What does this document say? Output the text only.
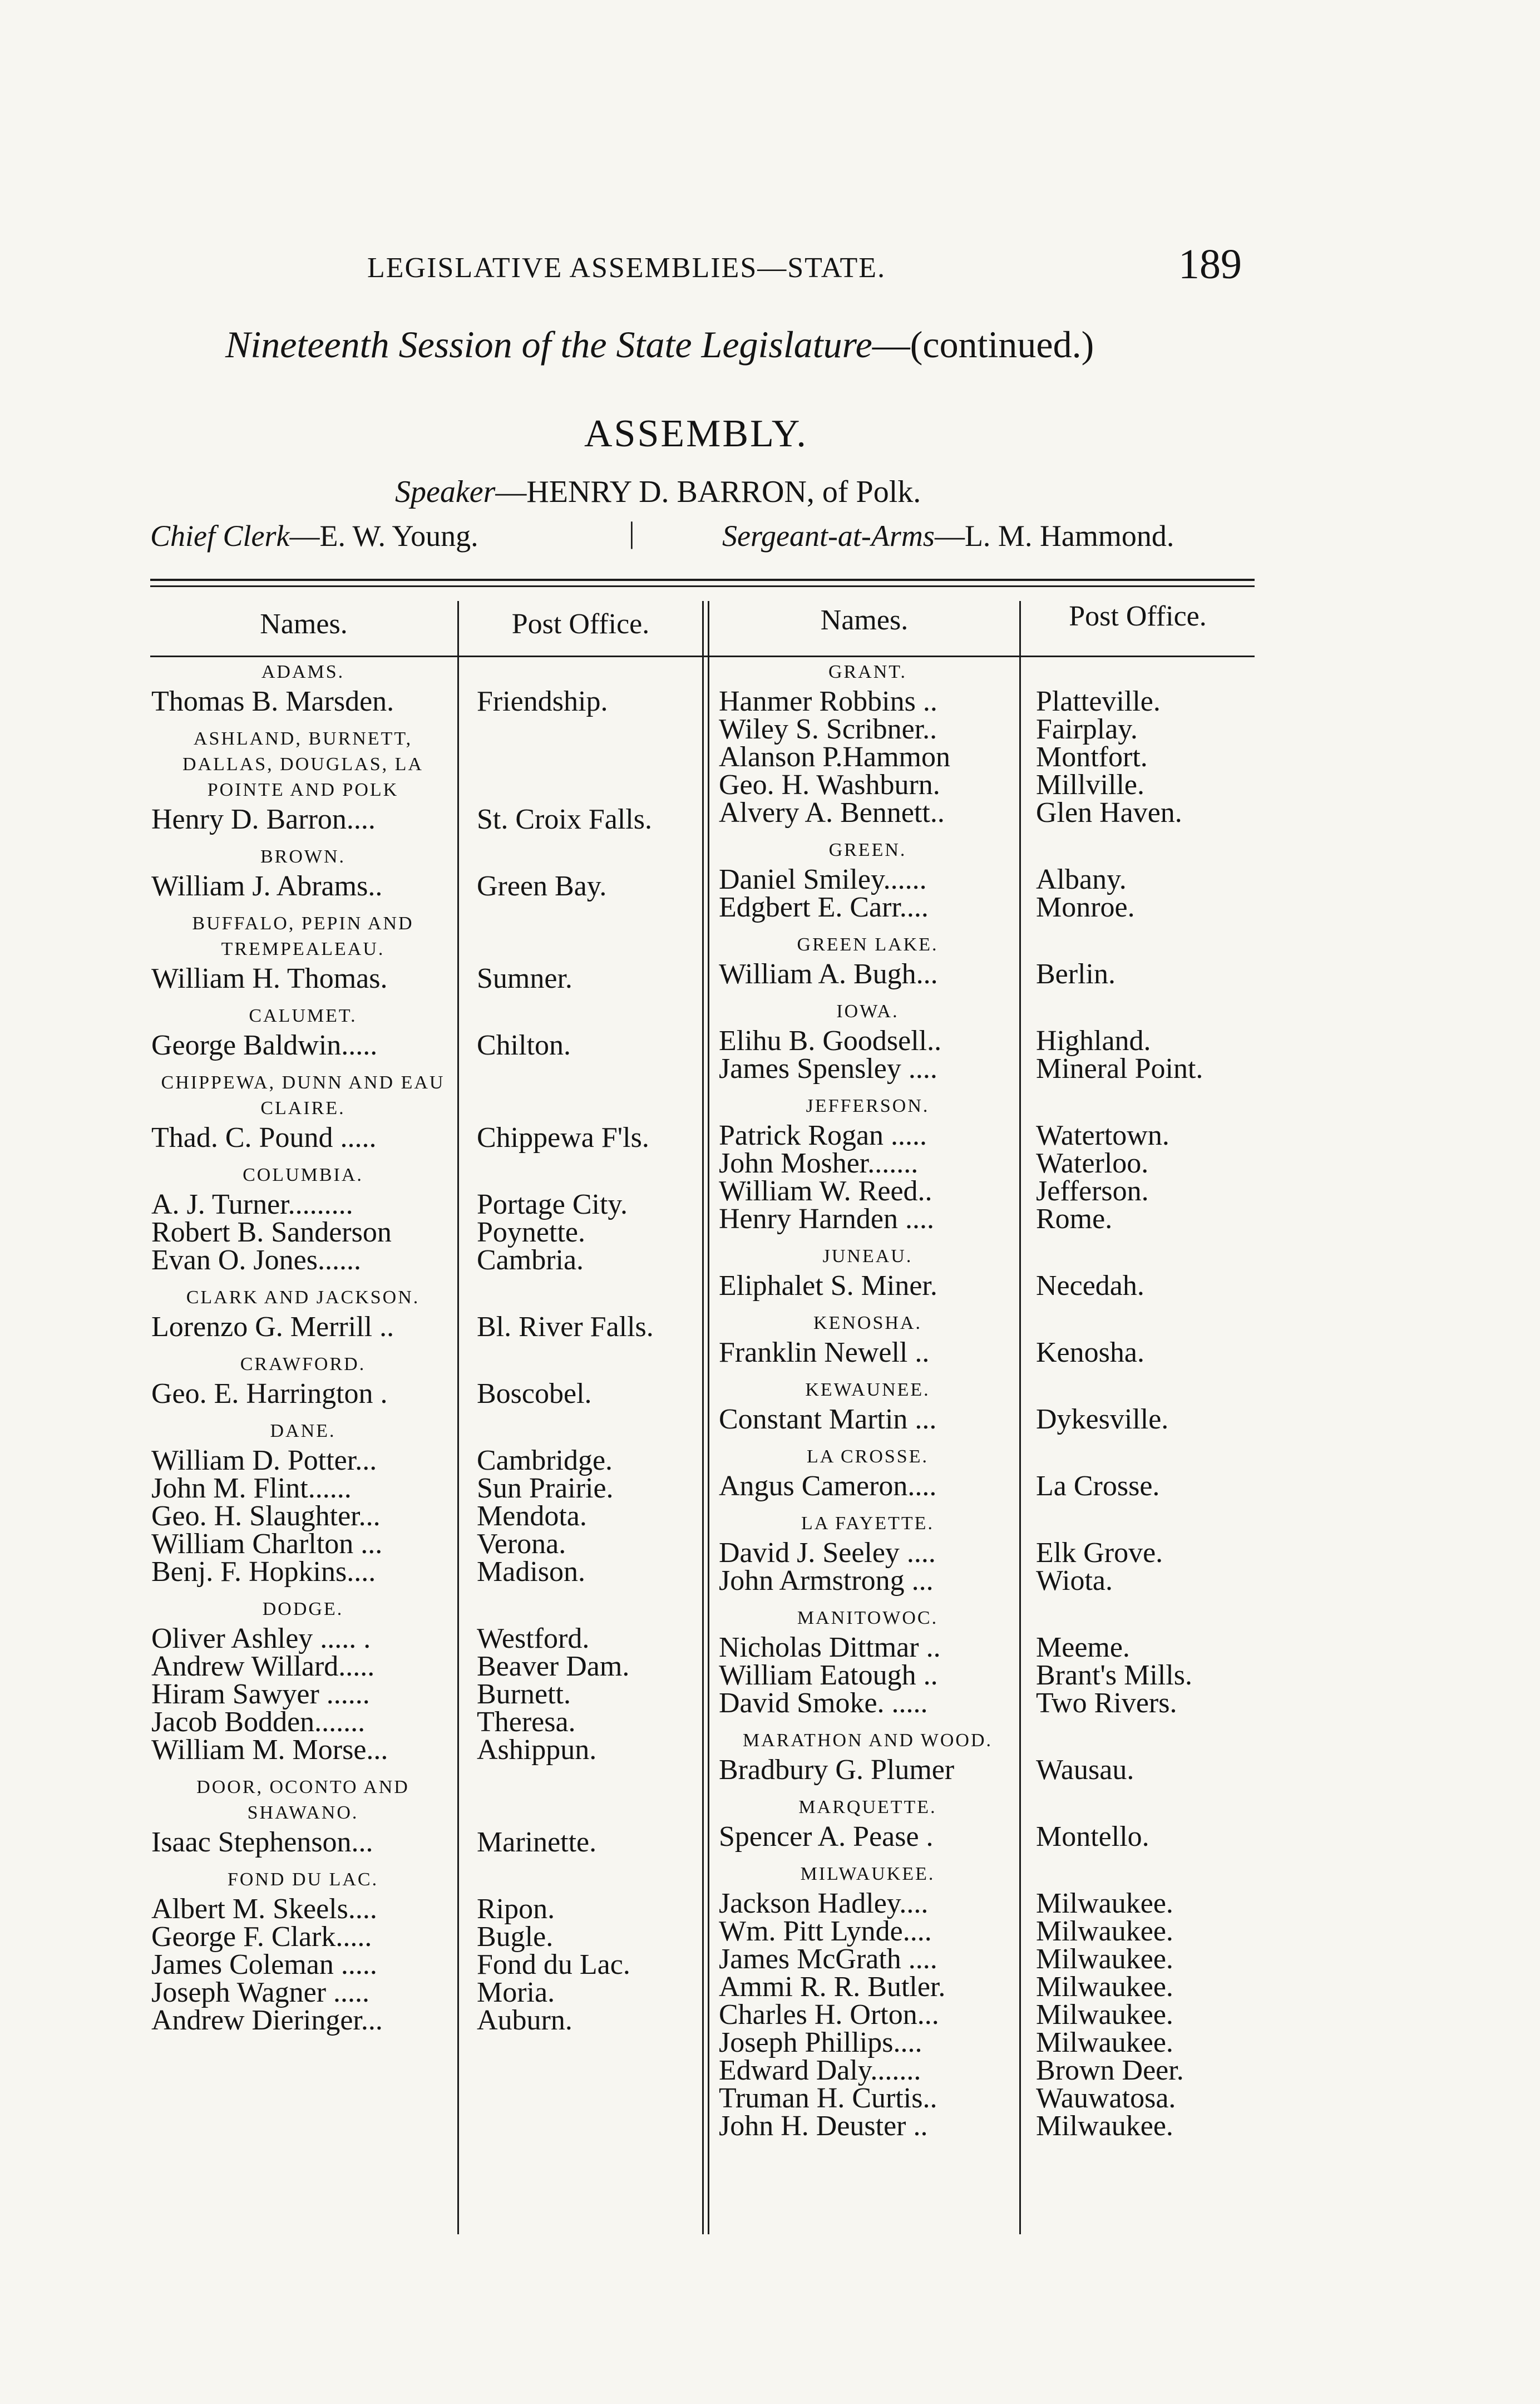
LEGISLATIVE ASSEMBLIES—STATE.	189
Nineteenth Session of the State Legislature—(continued.)
ASSEMBLY.
Speaker—HENRY D. BARRON, of Polk.
Chief Clerk—E. W. Young.	|	Sergeant-at-Arms—L. M. Hammond.
Names.	Post Office.	Names.	Post Office.
ADAMS.
Thomas B. Marsden.	Friendship.
ASHLAND, BURNETT, DALLAS, DOUGLAS, LA POINTE AND POLK
Henry D. Barron....	St. Croix Falls.
BROWN.
William J. Abrams..	Green Bay.
BUFFALO, PEPIN AND TREMPEALEAU.
William H. Thomas.	Sumner.
CALUMET.
George Baldwin.....	Chilton.
CHIPPEWA, DUNN AND EAU CLAIRE.
Thad. C. Pound .....	Chippewa F'ls.
COLUMBIA.
A. J. Turner.........	Portage City.
Robert B. Sanderson	Poynette.
Evan O. Jones......	Cambria.
CLARK AND JACKSON.
Lorenzo G. Merrill ..	Bl. River Falls.
CRAWFORD.
Geo. E. Harrington .	Boscobel.
DANE.
William D. Potter...	Cambridge.
John M. Flint......	Sun Prairie.
Geo. H. Slaughter...	Mendota.
William Charlton ...	Verona.
Benj. F. Hopkins....	Madison.
DODGE.
Oliver Ashley ..... .	Westford.
Andrew Willard.....	Beaver Dam.
Hiram Sawyer ......	Burnett.
Jacob Bodden.......	Theresa.
William M. Morse...	Ashippun.
DOOR, OCONTO AND SHAWANO.
Isaac Stephenson...	Marinette.
FOND DU LAC.
Albert M. Skeels....	Ripon.
George F. Clark.....	Bugle.
James Coleman .....	Fond du Lac.
Joseph Wagner .....	Moria.
Andrew Dieringer...	Auburn.
GRANT.
Hanmer Robbins ..	Platteville.
Wiley S. Scribner..	Fairplay.
Alanson P.Hammon	Montfort.
Geo. H. Washburn.	Millville.
Alvery A. Bennett..	Glen Haven.
GREEN.
Daniel Smiley......	Albany.
Edgbert E. Carr....	Monroe.
GREEN LAKE.
William A. Bugh...	Berlin.
IOWA.
Elihu B. Goodsell..	Highland.
James Spensley ....	Mineral Point.
JEFFERSON.
Patrick Rogan .....	Watertown.
John Mosher.......	Waterloo.
William W. Reed..	Jefferson.
Henry Harnden ....	Rome.
JUNEAU.
Eliphalet S. Miner.	Necedah.
KENOSHA.
Franklin Newell ..	Kenosha.
KEWAUNEE.
Constant Martin ...	Dykesville.
LA CROSSE.
Angus Cameron....	La Crosse.
LA FAYETTE.
David J. Seeley ....	Elk Grove.
John Armstrong ...	Wiota.
MANITOWOC.
Nicholas Dittmar ..	Meeme.
William Eatough ..	Brant's Mills.
David Smoke. .....	Two Rivers.
MARATHON AND WOOD.
Bradbury G. Plumer	Wausau.
MARQUETTE.
Spencer A. Pease .	Montello.
MILWAUKEE.
Jackson Hadley....	Milwaukee.
Wm. Pitt Lynde....	Milwaukee.
James McGrath ....	Milwaukee.
Ammi R. R. Butler.	Milwaukee.
Charles H. Orton...	Milwaukee.
Joseph Phillips....	Milwaukee.
Edward Daly.......	Brown Deer.
Truman H. Curtis..	Wauwatosa.
John H. Deuster ..	Milwaukee.
